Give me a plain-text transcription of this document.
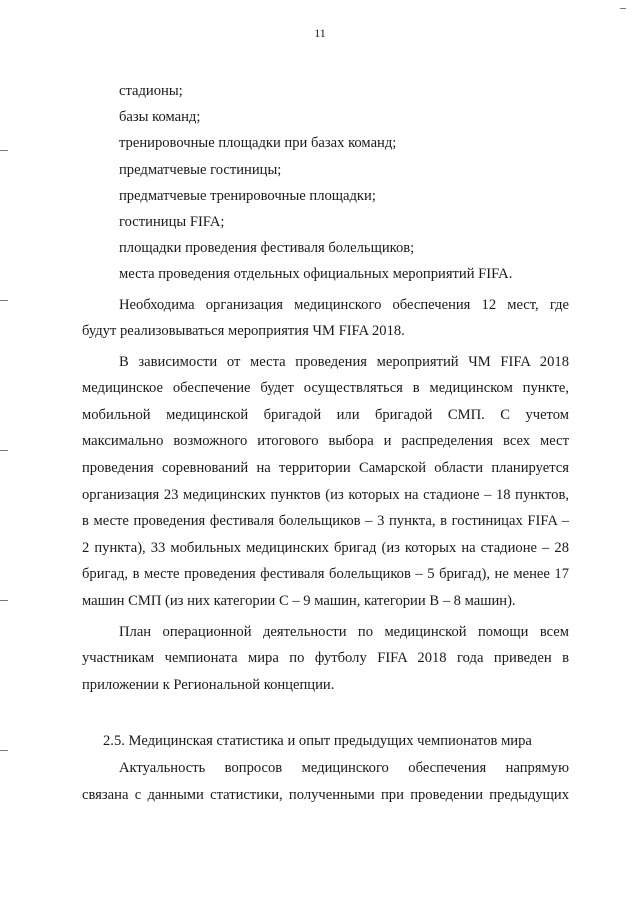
11

стадионы;

базы команд;

тренировочные площадки при базах команд;

предматчевые гостиницы;

предматчевые тренировочные площадки;

гостиницы FIFA;

площадки проведения фестиваля болельщиков;

места проведения отдельных официальных мероприятий FIFA.

Необходима организация медицинского обеспечения 12 мест, где

будут реализовываться мероприятия ЧМ FIFA 2018.

В зависимости от места проведения мероприятий ЧМ FIFA 2018

медицинское обеспечение будет осуществляться в медицинском пункте, мобильной медицинской бригадой или бригадой СМП. С учетом максимально возможного итогового выбора и распределения всех мест проведения соревнований на территории Самарской области планируется организация 23 медицинских пунктов (из которых на стадионе – 18 пунктов, в месте проведения фестиваля болельщиков – 3 пункта, в гостиницах FIFA – 2 пункта), 33 мобильных медицинских бригад (из которых на стадионе – 28 бригад, в месте проведения фестиваля болельщиков – 5 бригад), не менее 17 машин СМП (из них категории С – 9 машин, категории В – 8 машин).

План операционной деятельности по медицинской помощи всем

участникам чемпионата мира по футболу FIFA 2018 года приведен в приложении к Региональной концепции.

2.5. Медицинская статистика и опыт предыдущих чемпионатов мира

Актуальность вопросов медицинского обеспечения напрямую

связана с данными статистики, полученными при проведении предыдущих
